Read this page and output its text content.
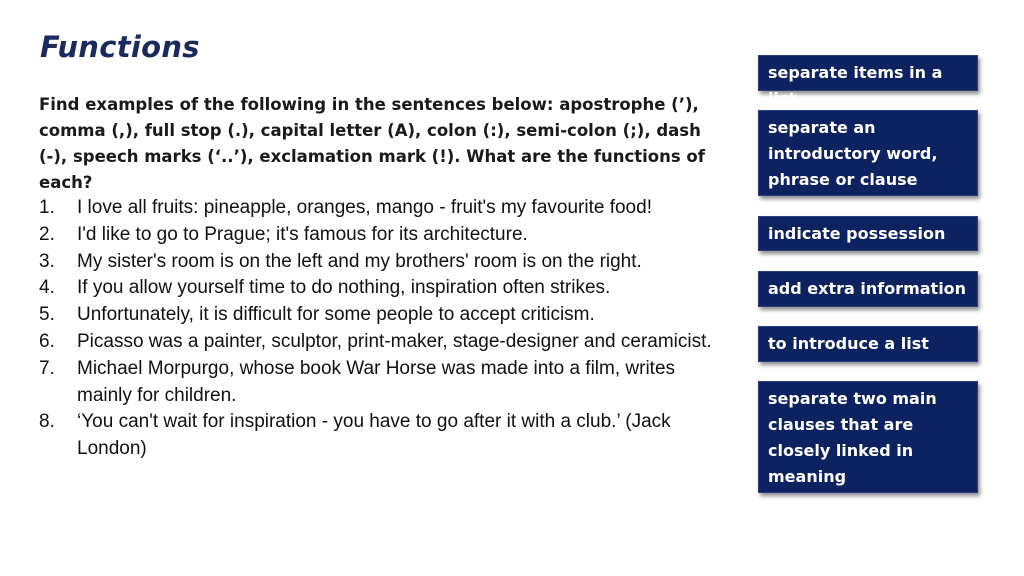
Functions
Find examples of the following in the sentences below: apostrophe (’), comma (,), full stop (.), capital letter (A), colon (:), semi-colon (;), dash (-), speech marks (‘..’), exclamation mark (!). What are the functions of each?
1.	I love all fruits: pineapple, oranges, mango - fruit's my favourite food!
2.	I'd like to go to Prague; it's famous for its architecture.
3.	My sister's room is on the left and my brothers' room is on the right.
4.	If you allow yourself time to do nothing, inspiration often strikes.
5.	Unfortunately, it is difficult for some people to accept criticism.
6.	Picasso was a painter, sculptor, print-maker, stage-designer and ceramicist.
7.	Michael Morpurgo, whose book War Horse was made into a film, writes mainly for children.
8.	‘You can't wait for inspiration - you have to go after it with a club.’ (Jack London)
separate items in a list
separate an introductory word, phrase or clause
indicate possession
add extra information
to introduce a list
separate two main clauses that are closely linked in meaning
